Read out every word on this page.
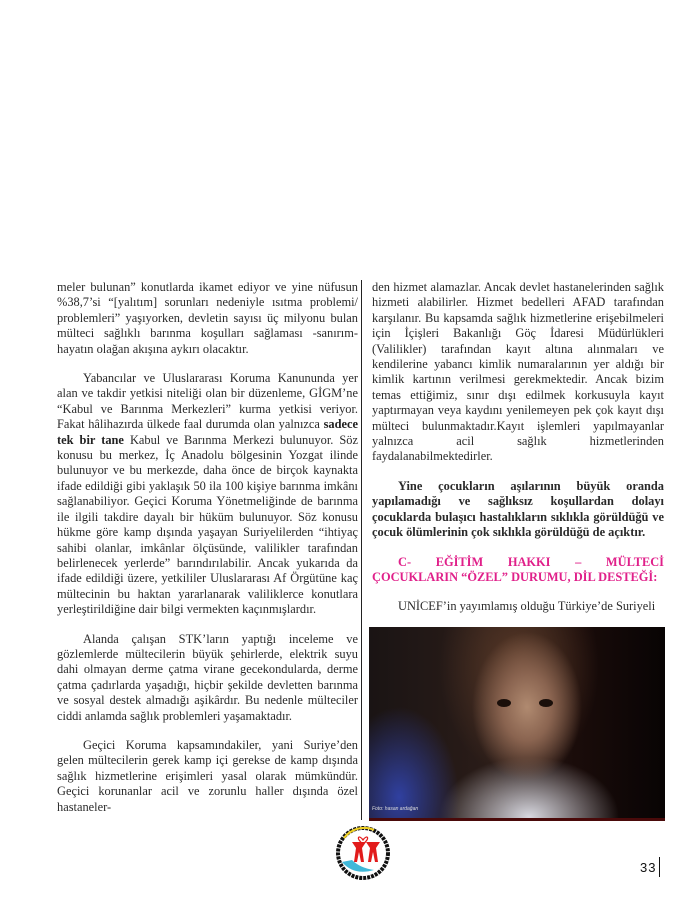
meler bulunan” konutlarda ikamet ediyor ve yine nüfusun %38,7’si “[yalıtım] sorunları nedeniyle ısıtma problemi/ problemleri” yaşıyorken, devletin sayısı üç milyonu bulan mülteci sağlıklı barınma koşulları sağlaması -sanırım- hayatın olağan akışına aykırı olacaktır.

Yabancılar ve Uluslararası Koruma Kanununda yer alan ve takdir yetkisi niteliği olan bir düzenleme, GİGM’ne “Kabul ve Barınma Merkezleri” kurma yetkisi veriyor. Fakat hâlihazırda ülkede faal durumda olan yalnızca sadece tek bir tane Kabul ve Barınma Merkezi bulunuyor. Söz konusu bu merkez, İç Anadolu bölgesinin Yozgat ilinde bulunuyor ve bu merkezde, daha önce de birçok kaynakta ifade edildiği gibi yaklaşık 50 ila 100 kişiye barınma imkânı sağlanabiliyor. Geçici Koruma Yönetmeliğinde de barınma ile ilgili takdire dayalı bir hüküm bulunuyor. Söz konusu hükme göre kamp dışında yaşayan Suriyelilerden “ihtiyaç sahibi olanlar, imkânlar ölçüsünde, valilikler tarafından belirlenecek yerlerde” barındırılabilir. Ancak yukarıda da ifade edildiği üzere, yetkililer Uluslararası Af Örgütüne kaç mültecinin bu haktan yararlanarak valiliklerce konutlara yerleştirildiğine dair bilgi vermekten kaçınmışlardır.

Alanda çalışan STK’ların yaptığı inceleme ve gözlemlerde mültecilerin büyük şehirlerde, elektrik suyu dahi olmayan derme çatma virane gecekondularda, derme çatma çadırlarda yaşadığı, hiçbir şekilde devletten barınma ve sosyal destek almadığı aşikârdır. Bu nedenle mülteciler ciddi anlamda sağlık problemleri yaşamaktadır.

Geçici Koruma kapsamındakiler, yani Suriye’den gelen mültecilerin gerek kamp içi gerekse de kamp dışında sağlık hizmetlerine erişimleri yasal olarak mümkündür. Geçici korunanlar acil ve zorunlu haller dışında özel hastaneler-

den hizmet alamazlar. Ancak devlet hastanelerinden sağlık hizmeti alabilirler. Hizmet bedelleri AFAD tarafından karşılanır. Bu kapsamda sağlık hizmetlerine erişebilmeleri için İçişleri Bakanlığı Göç İdaresi Müdürlükleri (Valilikler) tarafından kayıt altına alınmaları ve kendilerine yabancı kimlik numaralarının yer aldığı bir kimlik kartının verilmesi gerekmektedir. Ancak bizim temas ettiğimiz, sınır dışı edilmek korkusuyla kayıt yaptırmayan veya kaydını yenilemeyen pek çok kayıt dışı mülteci bulunmaktadır.Kayıt işlemleri yapılmayanlar yalnızca acil sağlık hizmetlerinden faydalanabilmektedirler.

Yine çocukların aşılarının büyük oranda yapılamadığı ve sağlıksız koşullardan dolayı çocuklarda bulaşıcı hastalıkların sıklıkla görüldüğü ve çocuk ölümlerinin çok sıklıkla görüldüğü de açıktır.

C- EĞİTİM HAKKI – MÜLTECİ ÇOCUKLARIN “ÖZEL” DURUMU, DİL DESTEĞİ:

UNİCEF’in yayımlamış olduğu Türkiye’de Suriyeli

Foto: hasan ardağan
33
